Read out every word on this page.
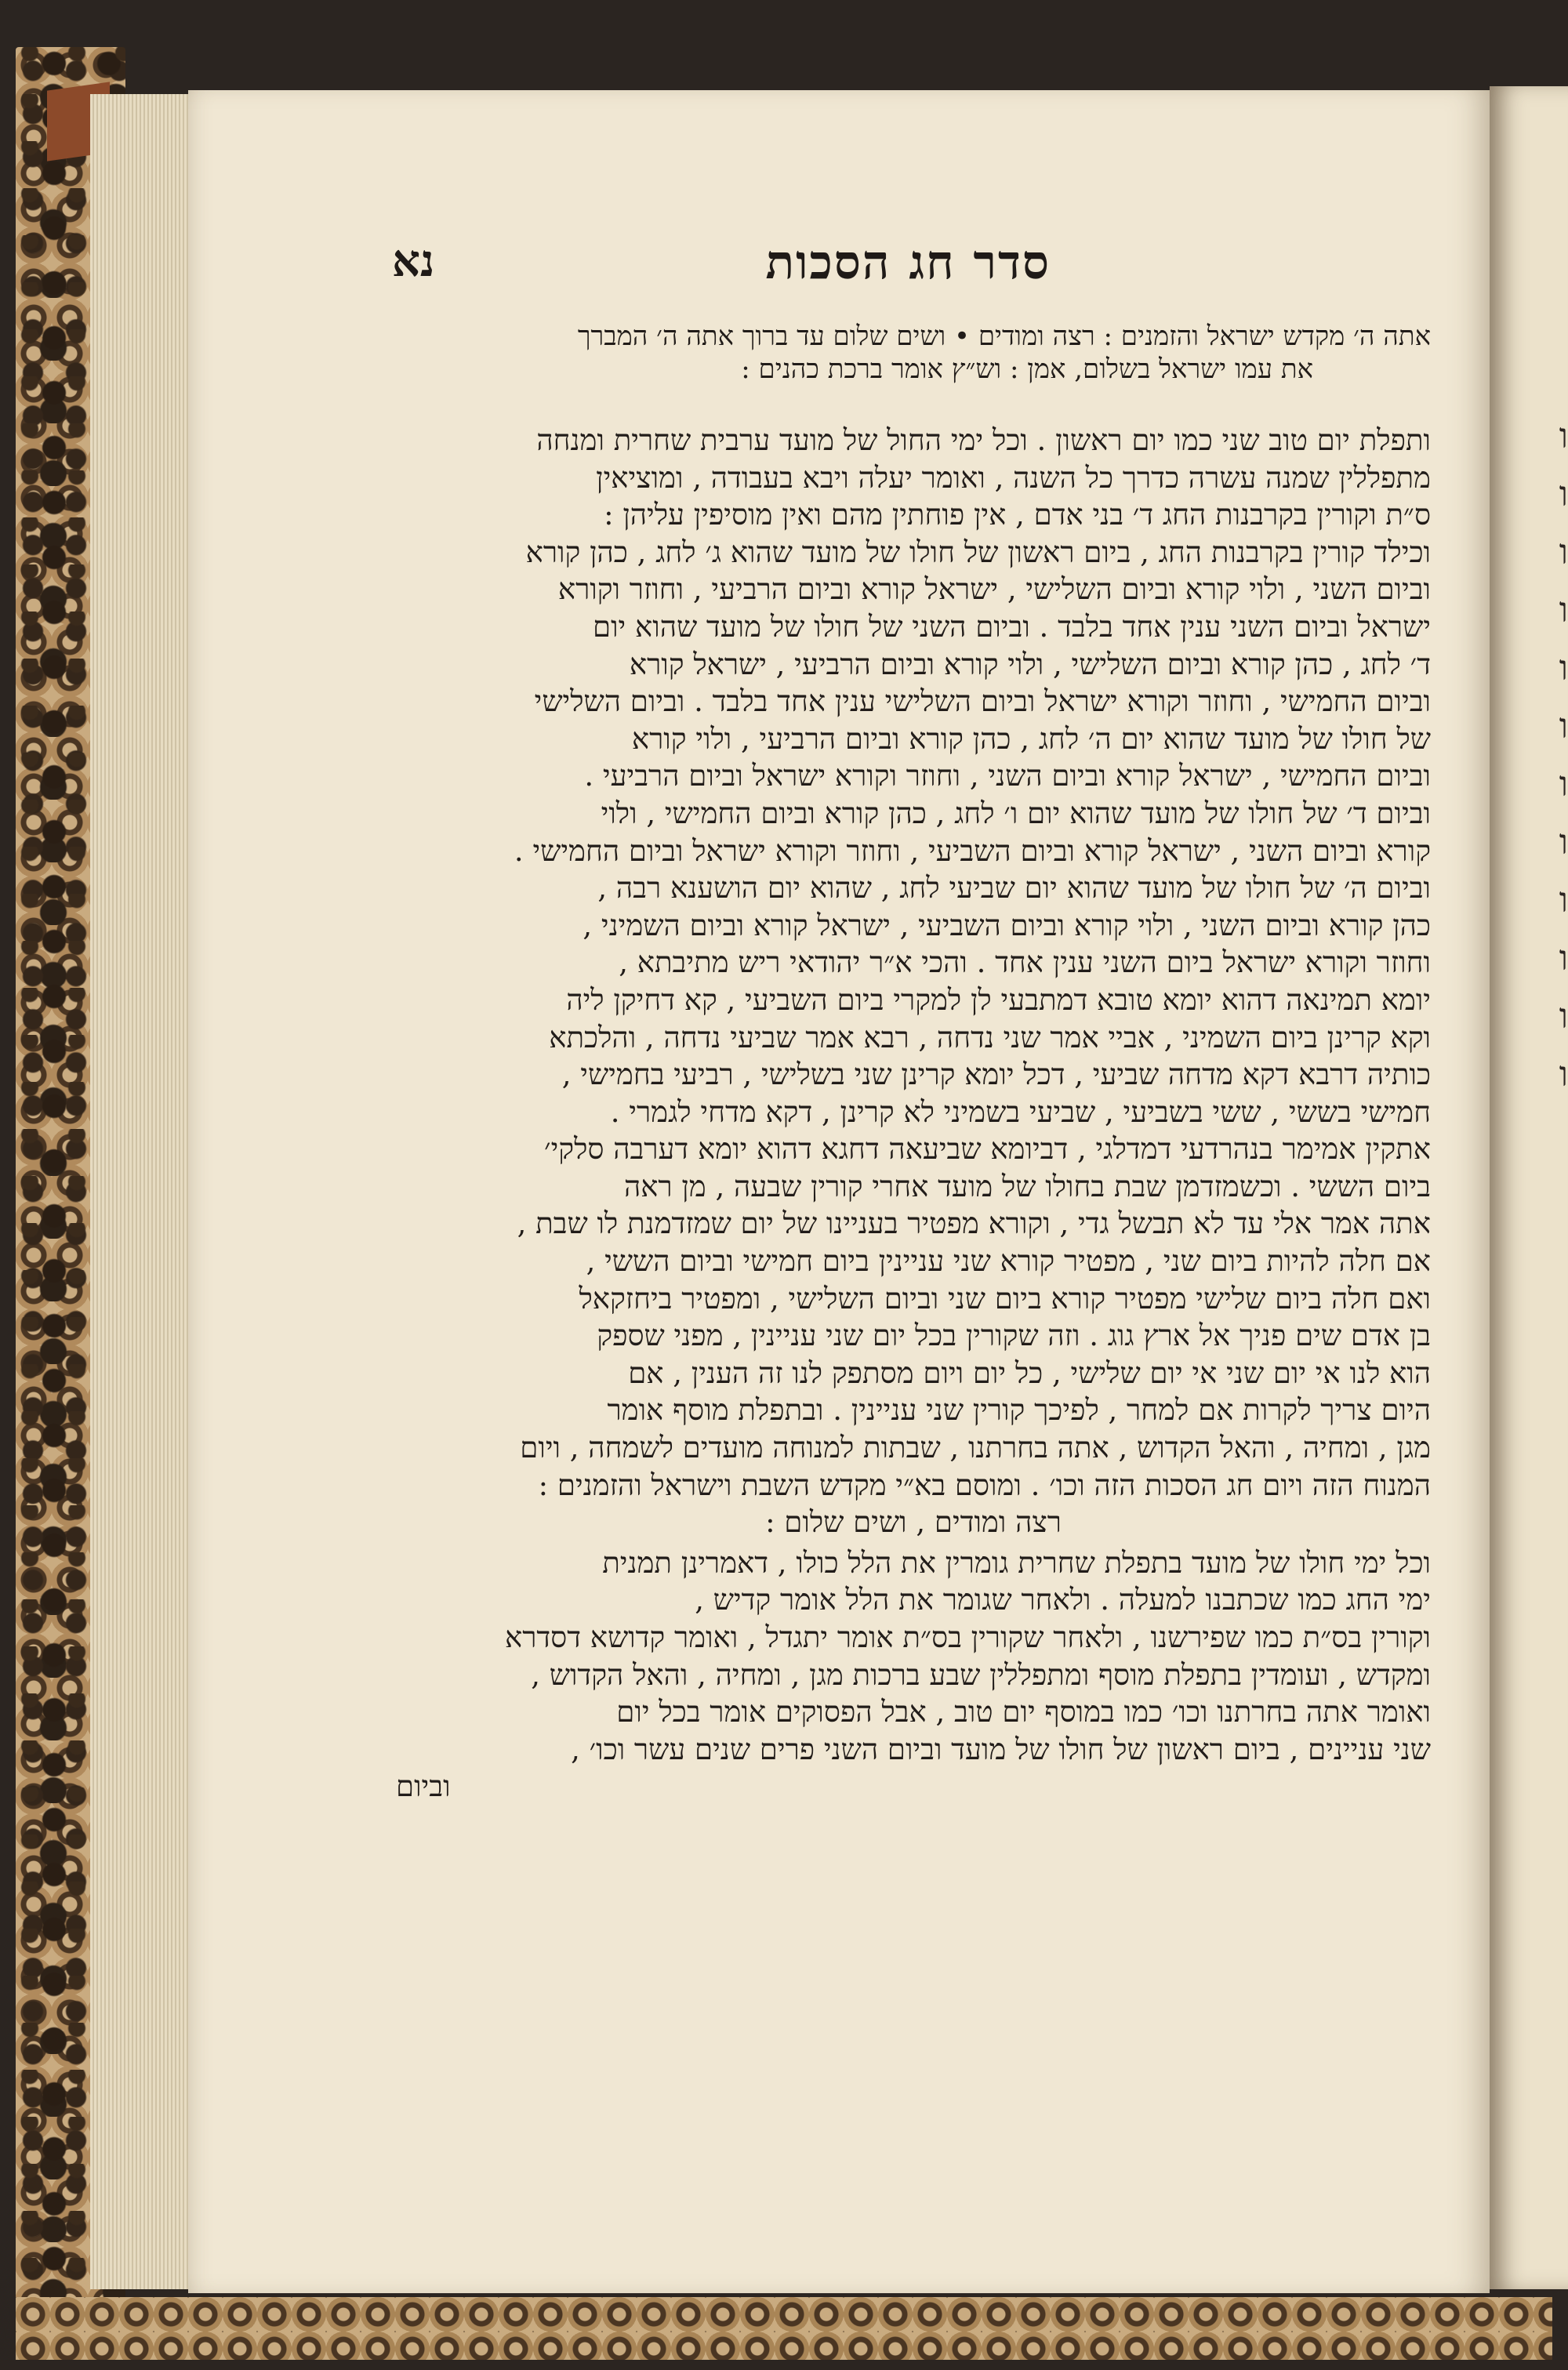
ו
ו
ו
ו
ו
ו
ו
ו
ו
ו
ו
ו
סדר חג הסכות
נא
אתה ה׳ מקדש ישראל והזמנים : רצה ומודים • ושים שלום עד ברוך אתה ה׳ המברך
את עמו ישראל בשלום, אמן : וש״ץ אומר ברכת כהנים :
ותפלת יום טוב שני כמו יום ראשון . וכל ימי החול של מועד ערבית שחרית ומנחה
מתפללין שמנה עשרה כדרך כל השנה , ואומר יעלה ויבא בעבודה , ומוציאין
ס״ת וקורין בקרבנות החג ד׳ בני אדם , אין פוחתין מהם ואין מוסיפין עליהן :
וכילד קורין בקרבנות החג , ביום ראשון של חולו של מועד שהוא ג׳ לחג , כהן קורא
וביום השני , ולוי קורא וביום השלישי , ישראל קורא וביום הרביעי , וחוזר וקורא
ישראל וביום השני ענין אחד בלבד . וביום השני של חולו של מועד שהוא יום
ד׳ לחג , כהן קורא וביום השלישי , ולוי קורא וביום הרביעי , ישראל קורא
וביום החמישי , וחוזר וקורא ישראל וביום השלישי ענין אחד בלבד . וביום השלישי
של חולו של מועד שהוא יום ה׳ לחג , כהן קורא וביום הרביעי , ולוי קורא
וביום החמישי , ישראל קורא וביום השני , וחוזר וקורא ישראל וביום הרביעי .
וביום ד׳ של חולו של מועד שהוא יום ו׳ לחג , כהן קורא וביום החמישי , ולוי
קורא וביום השני , ישראל קורא וביום השביעי , וחוזר וקורא ישראל וביום החמישי .
וביום ה׳ של חולו של מועד שהוא יום שביעי לחג , שהוא יום הושענא רבה ,
כהן קורא וביום השני , ולוי קורא וביום השביעי , ישראל קורא וביום השמיני ,
וחוזר וקורא ישראל ביום השני ענין אחד . והכי א״ר יהודאי ריש מתיבתא ,
יומא תמינאה דהוא יומא טובא דמתבעי לן למקרי ביום השביעי , קא דחיקן ליה
וקא קרינן ביום השמיני , אביי אמר שני נדחה , רבא אמר שביעי נדחה , והלכתא
כותיה דרבא דקא מדחה שביעי , דכל יומא קרינן שני בשלישי , רביעי בחמישי ,
חמישי בששי , ששי בשביעי , שביעי בשמיני לא קרינן , דקא מדחי לגמרי .
אתקין אמימר בנהרדעי דמדלגי , דביומא שביעאה דחגא דהוא יומא דערבה סלקי׳
ביום הששי . וכשמזדמן שבת בחולו של מועד אחרי קורין שבעה , מן ראה
אתה אמר אלי עד לא תבשל גדי , וקורא מפטיר בעניינו של יום שמזדמנת לו שבת ,
אם חלה להיות ביום שני , מפטיר קורא שני עניינין ביום חמישי וביום הששי ,
ואם חלה ביום שלישי מפטיר קורא ביום שני וביום השלישי , ומפטיר ביחזקאל
בן אדם שים פניך אל ארץ גוג . וזה שקורין בכל יום שני עניינין , מפני שספק
הוא לנו אי יום שני אי יום שלישי , כל יום ויום מסתפק לנו זה הענין , אם
היום צריך לקרות אם למחר , לפיכך קורין שני עניינין . ובתפלת מוסף אומר
מגן , ומחיה , והאל הקדוש , אתה בחרתנו , שבתות למנוחה מועדים לשמחה , ויום
המנוח הזה ויום חג הסכות הזה וכו׳ . ומוסם בא״י מקדש השבת וישראל והזמנים :
רצה ומודים , ושים שלום :
וכל ימי חולו של מועד בתפלת שחרית גומרין את הלל כולו , דאמרינן תמנית
ימי החג כמו שכתבנו למעלה . ולאחר שגומר את הלל אומר קדיש ,
וקורין בס״ת כמו שפירשנו , ולאחר שקורין בס״ת אומר יתגדל , ואומר קדושא דסדרא
ומקדש , ועומדין בתפלת מוסף ומתפללין שבע ברכות מגן , ומחיה , והאל הקדוש ,
ואומר אתה בחרתנו וכו׳ כמו במוסף יום טוב , אבל הפסוקים אומר בכל יום
שני עניינים , ביום ראשון של חולו של מועד וביום השני פרים שנים עשר וכו׳ ,
וביום
